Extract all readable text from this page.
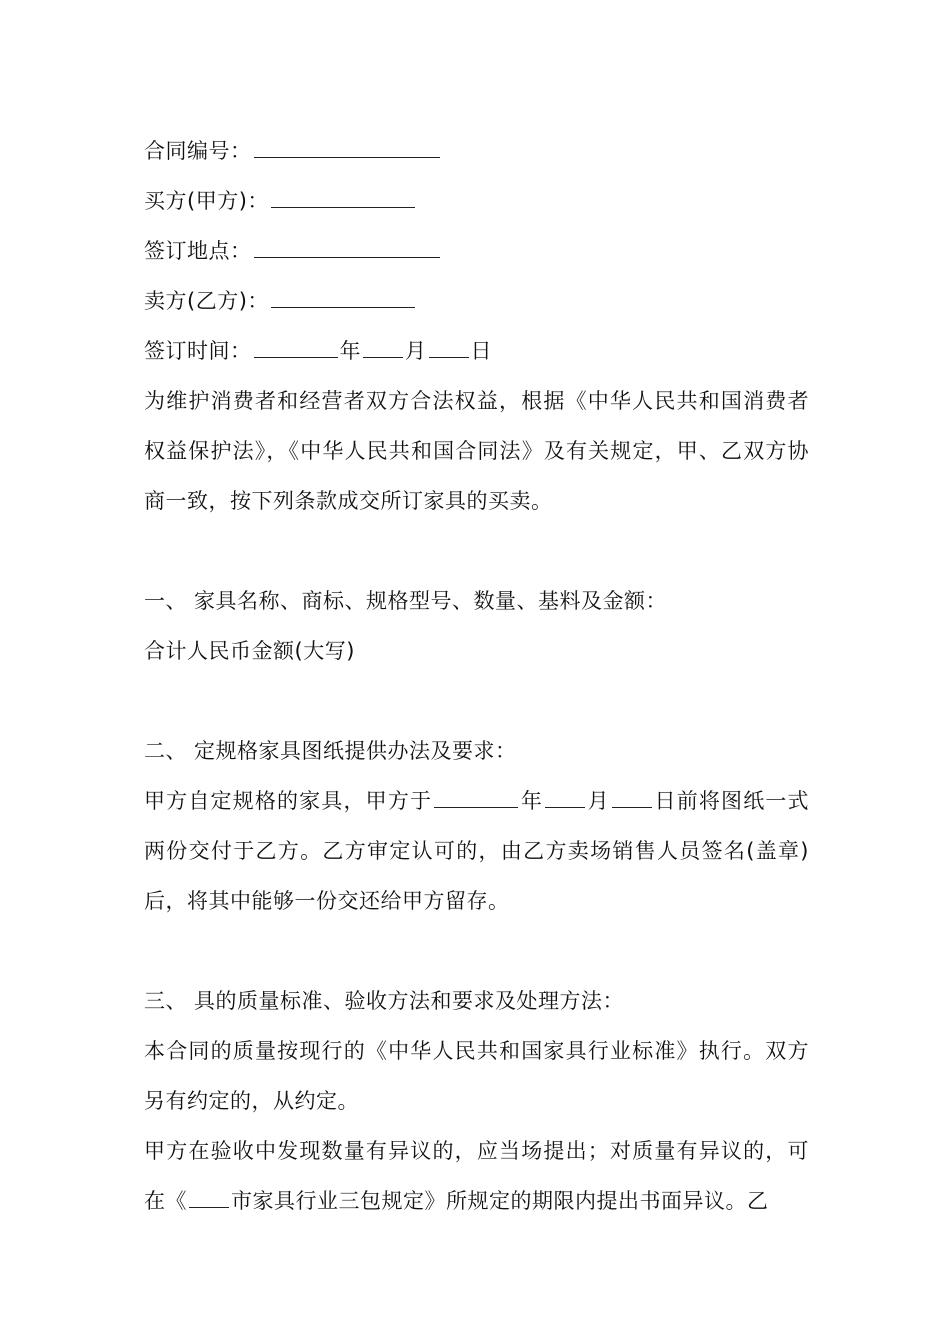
合同编号：
买方(甲方)：
签订地点：
卖方(乙方)：
签订时间：	年 月 日
为维护消费者和经营者双方合法权益，根据《中华人民共和国消费者权益保护法》，《中华人民共和国合同法》及有关规定，甲、乙双方协商一致，按下列条款成交所订家具的买卖。
一、 家具名称、商标、规格型号、数量、基料及金额：
合计人民币金额(大写)
二、 定规格家具图纸提供办法及要求：
甲方自定规格的家具，甲方于	年 月 日前将图纸一式两份交付于乙方。乙方审定认可的，由乙方卖场销售人员签名(盖章)后，将其中能够一份交还给甲方留存。
三、 具的质量标准、验收方法和要求及处理方法：
本合同的质量按现行的《中华人民共和国家具行业标准》执行。双方另有约定的，从约定。
甲方在验收中发现数量有异议的，应当场提出；对质量有异议的，可在《 市家具行业三包规定》所规定的期限内提出书面异议。乙
